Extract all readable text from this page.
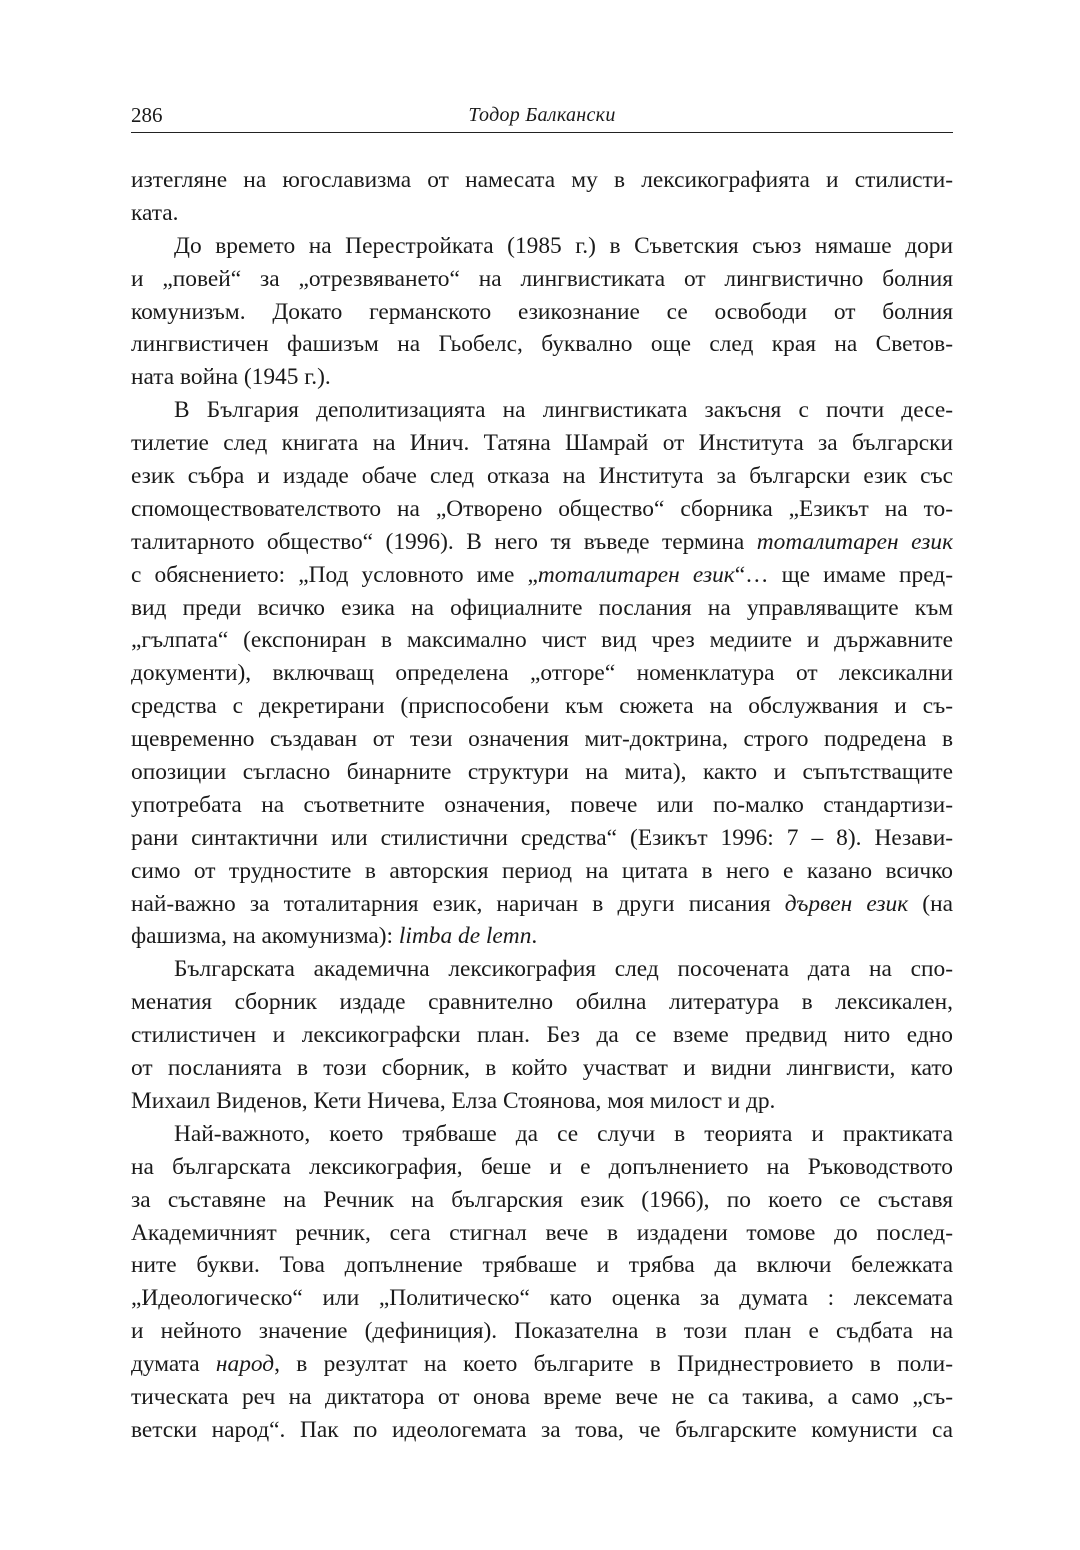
286	Тодор Балкански
изтегляне на югославизма от намесата му в лексикографията и стилисти-
ката.
До времето на Перестройката (1985 г.) в Съветския съюз нямаше дори
и „повей“ за „отрезвяването“ на лингвистиката от лингвистично болния
комунизъм. Докато германското езикознание се освободи от болния
лингвистичен фашизъм на Гьобелс, буквално още след края на Светов-
ната война (1945 г.).
В България деполитизацията на лингвистиката закъсня с почти десе-
тилетие след книгата на Инич. Татяна Шамрай от Института за български
език събра и издаде обаче след отказа на Института за български език със
спомоществователството на „Отворено общество“ сборника „Езикът на то-
талитарното общество“ (1996). В него тя въведе термина тоталитарен език
с обяснението: „Под условното име „тоталитарен език“… ще имаме пред-
вид преди всичко езика на официалните послания на управляващите към
„гълпата“ (експониран в максимално чист вид чрез медиите и държавните
документи), включващ определена „отгоре“ номенклатура от лексикални
средства с декретирани (приспособени към сюжета на обслужвания и съ-
щевременно създаван от тези означения мит-доктрина, строго подредена в
опозиции съгласно бинарните структури на мита), както и съпътстващите
употребата на съответните означения, повече или по-малко стандартизи-
рани синтактични или стилистични средства“ (Езикът 1996: 7 – 8). Незави-
симо от трудностите в авторския период на цитата в него е казано всичко
най-важно за тоталитарния език, наричан в други писания дървен език (на
фашизма, на акомунизма): limba de lemn.
Българската академична лексикография след посочената дата на спо-
менатия сборник издаде сравнително обилна литература в лексикален,
стилистичен и лексикографски план. Без да се вземе предвид нито едно
от посланията в този сборник, в който участват и видни лингвисти, като
Михаил Виденов, Кети Ничева, Елза Стоянова, моя милост и др.
Най-важното, което трябваше да се случи в теорията и практиката
на българската лексикография, беше и е допълнението на Ръководството
за съставяне на Речник на българския език (1966), по което се съставя
Академичният речник, сега стигнал вече в издадени томове до послед-
ните букви. Това допълнение трябваше и трябва да включи бележката
„Идеологическо“ или „Политическо“ като оценка за думата : лексемата
и нейното значение (дефиниция). Показателна в този план е съдбата на
думата народ, в резултат на което българите в Приднестровието в поли-
тическата реч на диктатора от онова време вече не са такива, а само „съ-
ветски народ“. Пак по идеологемата за това, че българските комунисти са
